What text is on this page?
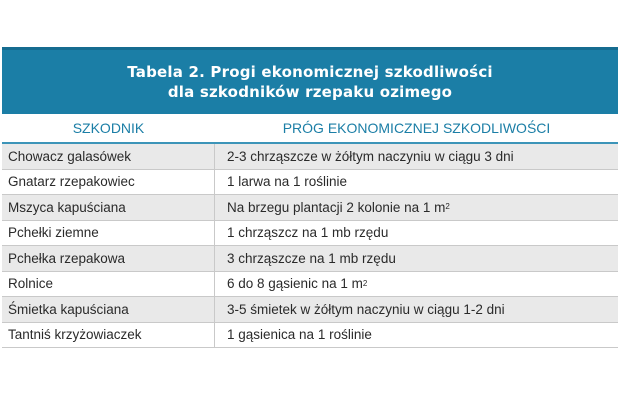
Tabela 2. Progi ekonomicznej szkodliwości
dla szkodników rzepaku ozimego
SZKODNIK	PRÓG EKONOMICZNEJ SZKODLIWOŚCI
Chowacz galasówek	2-3 chrząszcze w żółtym naczyniu w ciągu 3 dni
Gnatarz rzepakowiec	1 larwa na 1 roślinie
Mszyca kapuściana	Na brzegu plantacji 2 kolonie na 1 m 2
Pchełki ziemne	1 chrząszcz na 1 mb rzędu
Pchełka rzepakowa	3 chrząszcze na 1 mb rzędu
Rolnice	6 do 8 gąsienic na 1 m 2
Śmietka kapuściana	3-5 śmietek w żółtym naczyniu w ciągu 1-2 dni
Tantniś krzyżowiaczek	1 gąsienica na 1 roślinie
